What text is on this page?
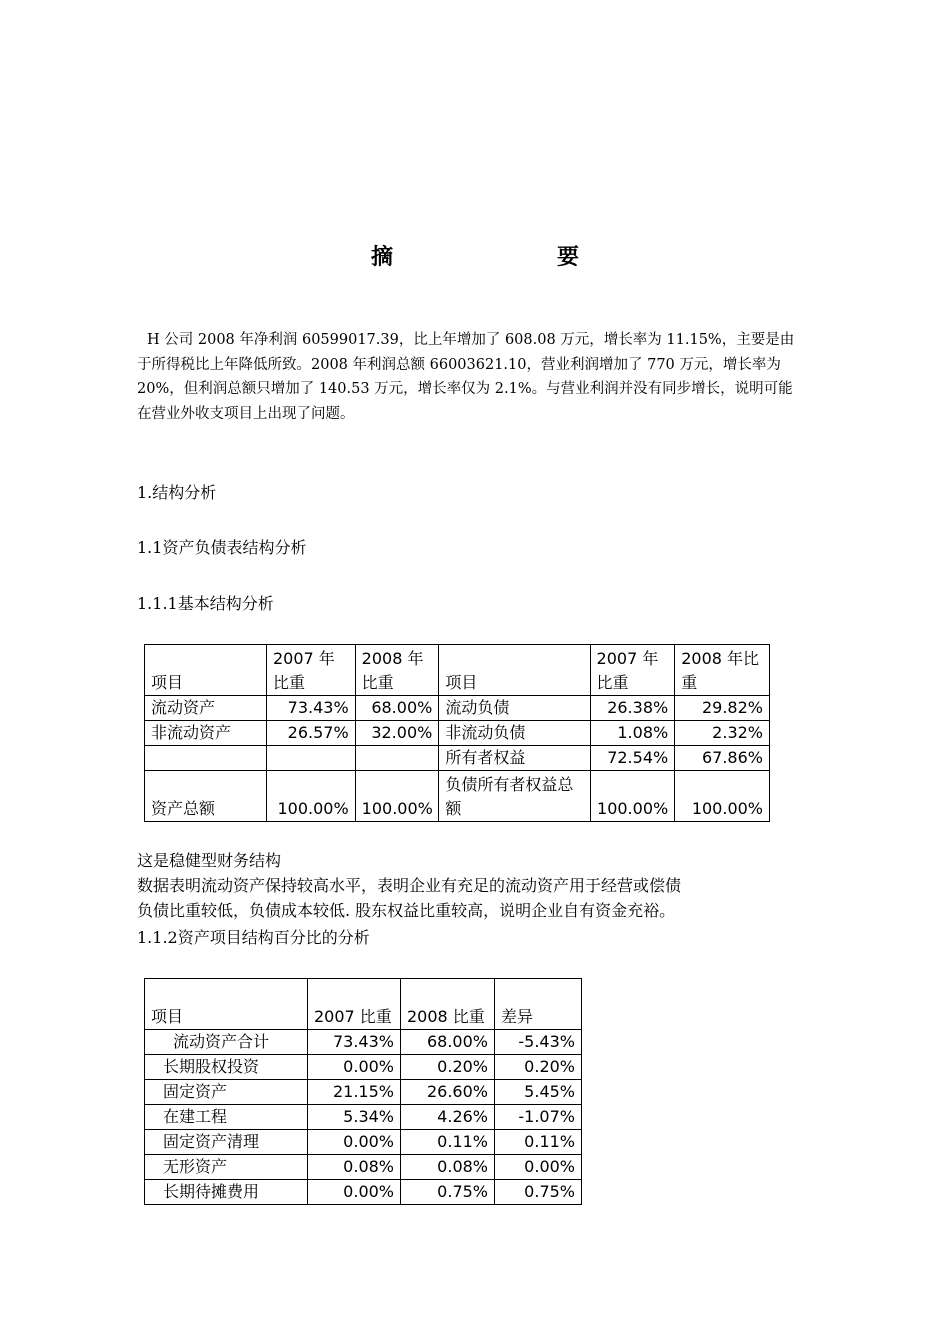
摘　　要
H 公司 2008 年净利润 60599017.39，比上年增加了 608.08 万元，增长率为 11.15%，主要是由于所得税比上年降低所致。2008 年利润总额 66003621.10，营业利润增加了 770 万元，增长率为 20%，但利润总额只增加了 140.53 万元，增长率仅为 2.1%。与营业利润并没有同步增长，说明可能在营业外收支项目上出现了问题。
1.结构分析
1.1资产负债表结构分析
1.1.1基本结构分析
项目	2007 年比重	2008 年比重	项目	2007 年比重	2008 年比重
流动资产	73.43%	68.00%	流动负债	26.38%	29.82%
非流动资产	26.57%	32.00%	非流动负债	1.08%	2.32%
			所有者权益	72.54%	67.86%
资产总额	100.00%	100.00%	负债所有者权益总额	100.00%	100.00%
这是稳健型财务结构
数据表明流动资产保持较高水平，表明企业有充足的流动资产用于经营或偿债
负债比重较低，负债成本较低. 股东权益比重较高，说明企业自有资金充裕。
1.1.2资产项目结构百分比的分析
项目	2007 比重	2008 比重	差异
流动资产合计	73.43%	68.00%	-5.43%
长期股权投资	0.00%	0.20%	0.20%
固定资产	21.15%	26.60%	5.45%
在建工程	5.34%	4.26%	-1.07%
固定资产清理	0.00%	0.11%	0.11%
无形资产	0.08%	0.08%	0.00%
长期待摊费用	0.00%	0.75%	0.75%
